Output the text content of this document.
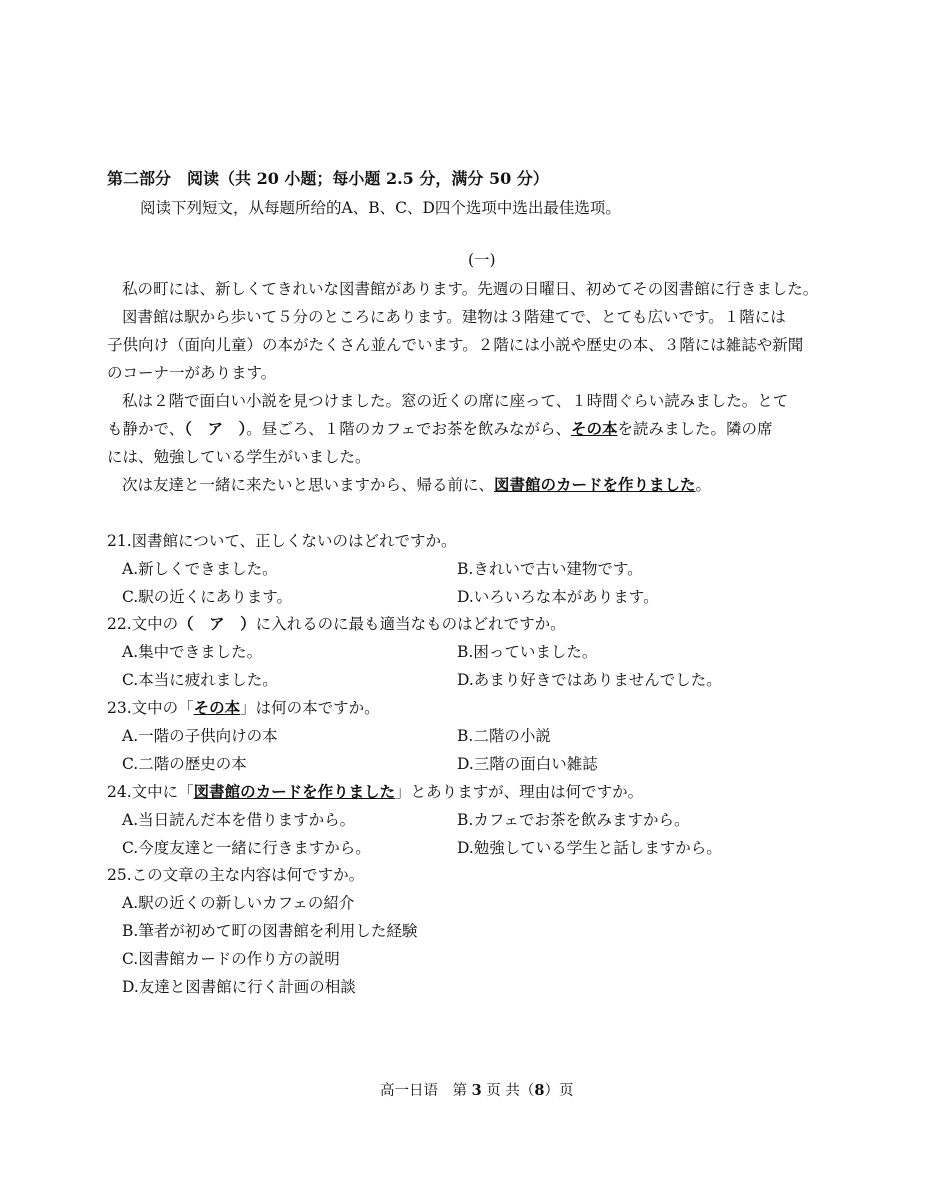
第二部分　阅读（共 20 小题；每小题 2.5 分，满分 50 分）
阅读下列短文，从每题所给的A、B、C、D四个选项中选出最佳选项。
(一)
私の町には、新しくてきれいな図書館があります。先週の日曜日、初めてその図書館に行きました。
図書館は駅から歩いて５分のところにあります。建物は３階建てで、とても広いです。１階には
子供向け（面向儿童）の本がたくさん並んでいます。２階には小説や歴史の本、３階には雑誌や新聞
のコーナ一があります。
私は２階で面白い小説を見つけました。窓の近くの席に座って、１時間ぐらい読みました。とて
も静かで、（　ア　）。昼ごろ、１階のカフェでお茶を飲みながら、その本を読みました。隣の席
には、勉強している学生がいました。
次は友達と一緒に来たいと思いますから、帰る前に、図書館のカードを作りました。
21.図書館について、正しくないのはどれですか。
A.新しくできました。	B.きれいで古い建物です。
C.駅の近くにあります。	D.いろいろな本があります。
22.文中の（　ア　）に入れるのに最も適当なものはどれですか。
A.集中できました。	B.困っていました。
C.本当に疲れました。	D.あまり好きではありませんでした。
23.文中の「その本」は何の本ですか。
A.一階の子供向けの本	B.二階の小説
C.二階の歴史の本	D.三階の面白い雑誌
24.文中に「図書館のカードを作りました」とありますが、理由は何ですか。
A.当日読んだ本を借りますから。	B.カフェでお茶を飲みますから。
C.今度友達と一緒に行きますから。	D.勉強している学生と話しますから。
25.この文章の主な内容は何ですか。
A.駅の近くの新しいカフェの紹介
B.筆者が初めて町の図書館を利用した経験
C.図書館カードの作り方の説明
D.友達と図書館に行く計画の相談
高一日语　第 3 页 共（8）页
